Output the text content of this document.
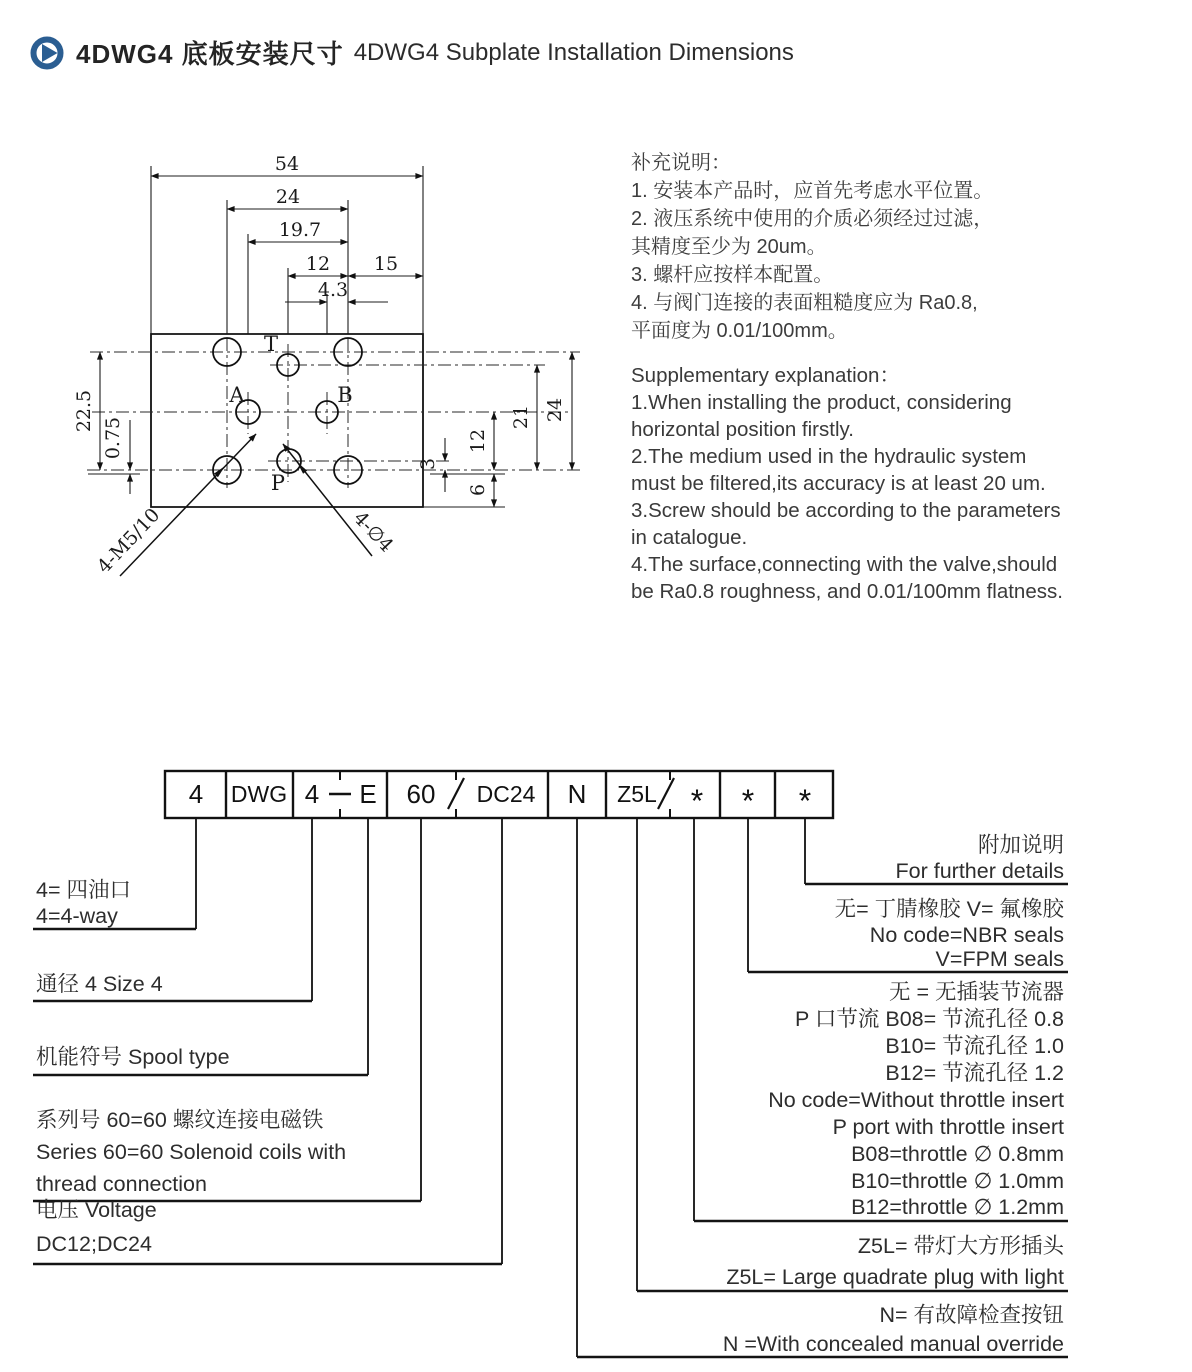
4DWG4 底板安装尺寸 4DWG4 Subplate Installation Dimensions
54
24
19.7
12 15
4.3
22.5
0.75
3
12
6
21 24
T
A	B
P
4-M5/10	4-∅4
补充说明：
1. 安装本产品时，应首先考虑水平位置。
2. 液压系统中使用的介质必须经过过滤，
其精度至少为 20um。
3. 螺杆应按样本配置。
4. 与阀门连接的表面粗糙度应为 Ra0.8,
平面度为 0.01/100mm。
Supplementary explanation：
1.When installing the product, considering
horizontal position firstly.
2.The medium used in the hydraulic system
must be filtered,its accuracy is at least 20 um.
3.Screw should be according to the parameters
in catalogue.
4.The surface,connecting with the valve,should
be Ra0.8 roughness, and 0.01/100mm flatness.
4 DWG 4 E 60 DC24 N Z5L * * *
4= 四油口
4=4-way
通径 4 Size 4
机能符号 Spool type
系列号 60=60 螺纹连接电磁铁
Series 60=60 Solenoid coils with
thread connection
电压 Voltage
DC12;DC24
附加说明
For further details
无= 丁腈橡胶 V= 氟橡胶
No code=NBR seals
V=FPM seals
无 = 无插装节流器
P 口节流 B08= 节流孔径 0.8
B10= 节流孔径 1.0
B12= 节流孔径 1.2
No code=Without throttle insert
P port with throttle insert
B08=throttle ∅ 0.8mm
B10=throttle ∅ 1.0mm
B12=throttle ∅ 1.2mm
Z5L= 带灯大方形插头
Z5L= Large quadrate plug with light
N= 有故障检查按钮
N =With concealed manual override
